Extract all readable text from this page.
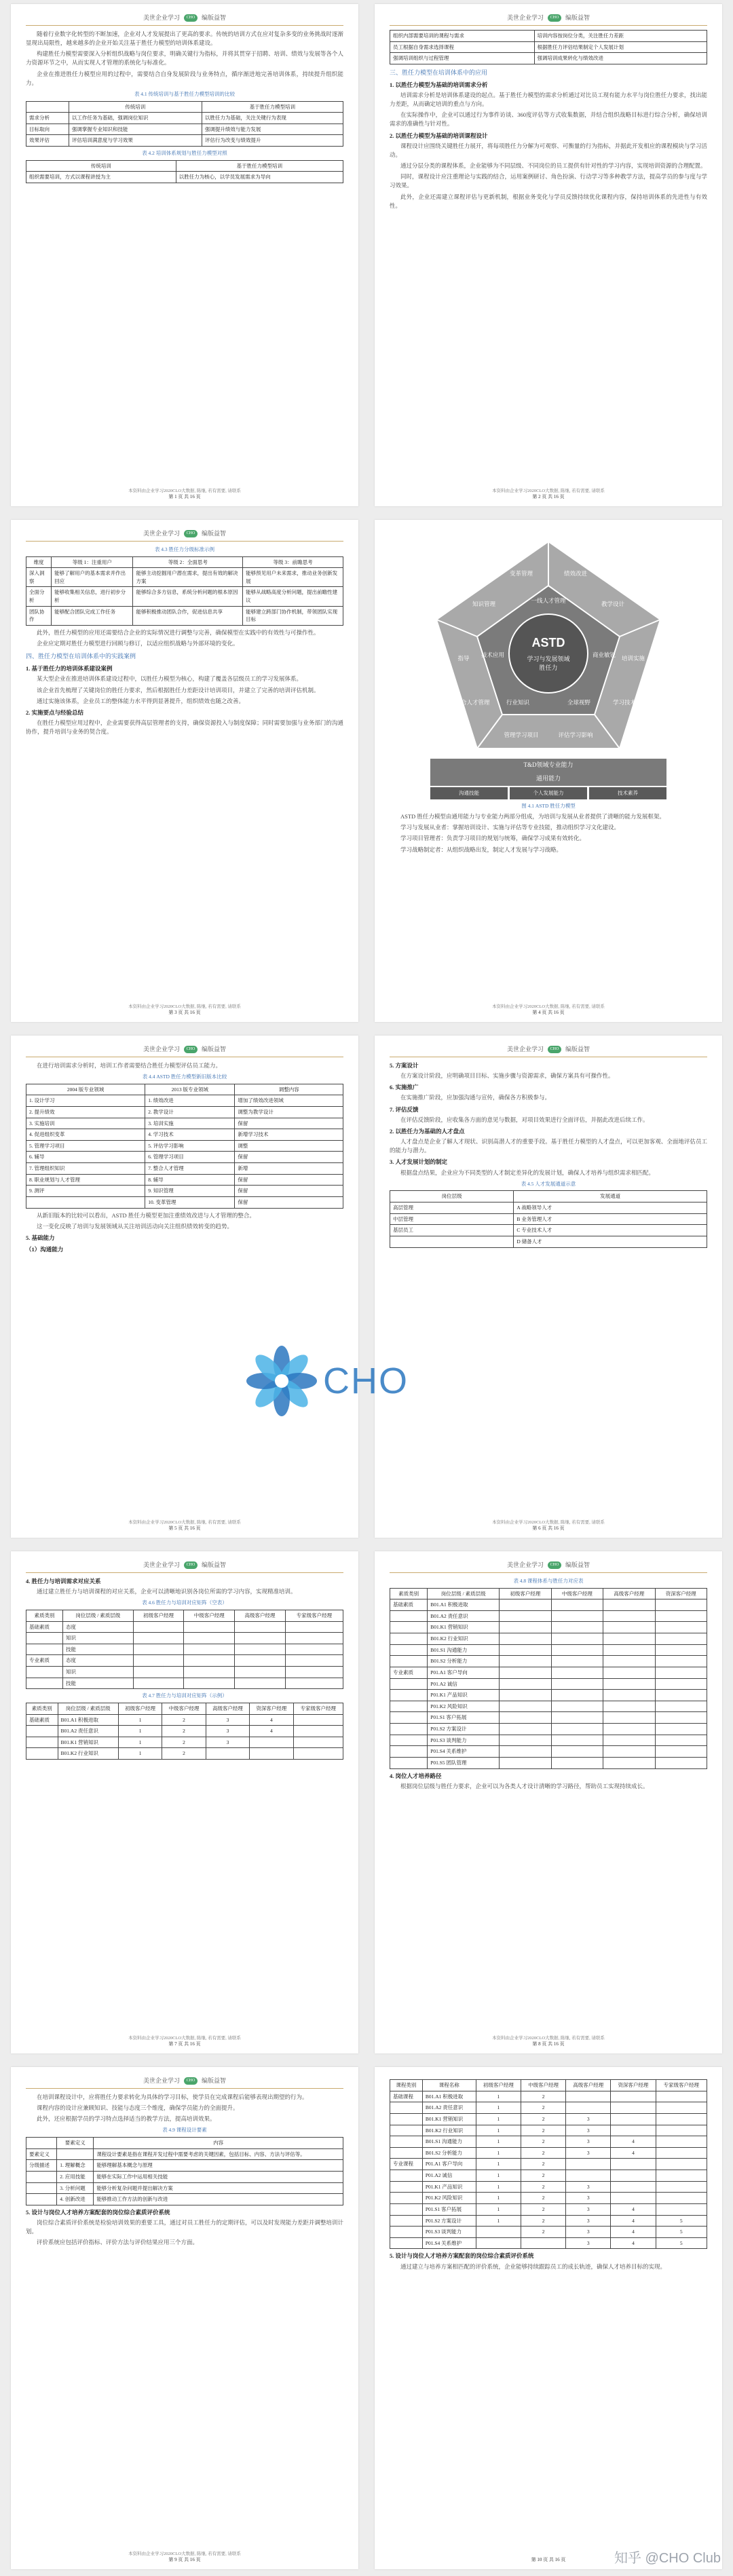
美世企业学习	CHO	编版益智

随着行业数字化转型的不断加速，企业对人才发展提出了更高的要求。传统的培训方式在应对复杂多变的业务挑战时逐渐显现出局限性，越来越多的企业开始关注基于胜任力模型的培训体系建设。

构建胜任力模型需要深入分析组织战略与岗位要求，明确关键行为指标，并将其贯穿于招聘、培训、绩效与发展等各个人力资源环节之中，从而实现人才管理的系统化与标准化。

企业在推进胜任力模型应用的过程中，需要结合自身发展阶段与业务特点，循序渐进地完善培训体系，持续提升组织能力。

表 4.1 传统培训与基于胜任力模型培训的比较
	传统培训	基于胜任力模型培训
需求分析	以工作任务为基础，强调岗位知识	以胜任力为基础，关注关键行为表现
目标取向	强调掌握专业知识和技能	强调提升绩效与能力发展
效果评估	评估培训满意度与学习效果	评估行为改变与绩效提升
表 4.2 培训体系规划与胜任力模型对照
传统培训	基于胜任力模型培训
组织需要培训，方式以课程讲授为主	以胜任力为核心，以学员发展需求为导向
本资料由企业学习2020CLO大数据, 陈继, 若有需要, 请联系
第 1 页 共 16 页
美世企业学习	CHO	编版益智
组织内部需要培训的课程与需求	培训内容按岗位分类，关注胜任力差距
员工根据自身需求选择课程	根据胜任力评估结果制定个人发展计划
强调培训组织与过程管理	强调培训成果转化与绩效改进
三、胜任力模型在培训体系中的应用
1. 以胜任力模型为基础的培训需求分析

培训需求分析是培训体系建设的起点。基于胜任力模型的需求分析通过对比员工现有能力水平与岗位胜任力要求，找出能力差距，从而确定培训的重点与方向。

在实际操作中，企业可以通过行为事件访谈、360度评估等方式收集数据，并结合组织战略目标进行综合分析，确保培训需求的准确性与针对性。

2. 以胜任力模型为基础的培训课程设计

课程设计应围绕关键胜任力展开，将每项胜任力分解为可观察、可衡量的行为指标，并据此开发相应的课程模块与学习活动。

通过分层分类的课程体系，企业能够为不同层级、不同岗位的员工提供有针对性的学习内容，实现培训资源的合理配置。

同时，课程设计应注重理论与实践的结合，运用案例研讨、角色扮演、行动学习等多种教学方法，提高学员的参与度与学习效果。

此外，企业还需建立课程评估与更新机制，根据业务变化与学员反馈持续优化课程内容，保持培训体系的先进性与有效性。

本资料由企业学习2020CLO大数据, 陈继, 若有需要, 请联系
第 2 页 共 16 页
美世企业学习	CHO	编版益智
表 4.3 胜任力分级标准示例
维度	等级 1：注重用户	等级 2：全面思考	等级 3：前瞻思考
深入洞察	能够了解用户的基本需求并作出回应	能够主动挖掘用户潜在需求，提出有效的解决方案	能够预见用户未来需求，推动业务创新发展
全面分析	能够收集相关信息，进行初步分析	能够综合多方信息，系统分析问题的根本原因	能够从战略高度分析问题，提出前瞻性建议
团队协作	能够配合团队完成工作任务	能够积极推动团队合作，促进信息共享	能够建立跨部门协作机制，带领团队实现目标

此外，胜任力模型的应用还需要结合企业的实际情况进行调整与完善，确保模型在实践中的有效性与可操作性。

企业应定期对胜任力模型进行回顾与修订，以适应组织战略与外部环境的变化。

四、胜任力模型在培训体系中的实践案例
1. 基于胜任力的培训体系建设案例

某大型企业在推进培训体系建设过程中，以胜任力模型为核心，构建了覆盖各层级员工的学习发展体系。

该企业首先梳理了关键岗位的胜任力要求，然后根据胜任力差距设计培训项目，并建立了完善的培训评估机制。

通过实施该体系，企业员工的整体能力水平得到显著提升，组织绩效也随之改善。

2. 实施要点与经验总结

在胜任力模型应用过程中，企业需要获得高层管理者的支持，确保资源投入与制度保障；同时需要加强与业务部门的沟通协作，提升培训与业务的契合度。

本资料由企业学习2020CLO大数据, 陈继, 若有需要, 请联系
第 3 页 共 16 页
ASTD
学习与发展领域
胜任力
变革管理	绩效改进
教学设计
培训实施
学习技术
评估学习影响
管理学习项目
整合人才管理
指导
知识管理	一线人才管理
商业敏锐
全球视野
行业知识
技术应用
T&D领域专业能力
通用能力
沟通技能	个人发展能力	技术素养
图 4.1 ASTD 胜任力模型

ASTD 胜任力模型由通用能力与专业能力两部分组成，为培训与发展从业者提供了清晰的能力发展框架。

学习与发展从业者：掌握培训设计、实施与评估等专业技能，推动组织学习文化建设。

学习项目管理者：负责学习项目的规划与统筹，确保学习成果有效转化。

学习战略制定者：从组织战略出发，制定人才发展与学习战略。

本资料由企业学习2020CLO大数据, 陈继, 若有需要, 请联系
第 4 页 共 16 页
美世企业学习	CHO	编版益智

在进行培训需求分析时，培训工作者需要结合胜任力模型评估员工能力。

表 4.4 ASTD 胜任力模型新旧版本比较
2004 版专业领域	2013 版专业领域	调整内容
1. 设计学习	1. 绩效改进	增加了绩效改进领域
2. 提升绩效	2. 教学设计	调整为教学设计
3. 实施培训	3. 培训实施	保留
4. 促进组织变革	4. 学习技术	新增学习技术
5. 管理学习项目	5. 评估学习影响	调整
6. 辅导	6. 管理学习项目	保留
7. 管理组织知识	7. 整合人才管理	新增
8. 职业规划与人才管理	8. 辅导	保留
9. 测评	9. 知识管理	保留
	10. 变革管理	保留

从新旧版本的比较可以看出，ASTD 胜任力模型更加注重绩效改进与人才管理的整合。

这一变化反映了培训与发展领域从关注培训活动向关注组织绩效转变的趋势。

5. 基础能力
（1）沟通能力
本资料由企业学习2020CLO大数据, 陈继, 若有需要, 请联系
第 5 页 共 16 页
美世企业学习	CHO	编版益智
5. 方案设计

在方案设计阶段，应明确项目目标、实施步骤与资源需求，确保方案具有可操作性。

6. 实施推广

在实施推广阶段，应加强沟通与宣传，确保各方积极参与。

7. 评估反馈

在评估反馈阶段，应收集各方面的意见与数据，对项目效果进行全面评估，并据此改进后续工作。

2. 以胜任力为基础的人才盘点

人才盘点是企业了解人才现状、识别高潜人才的重要手段。基于胜任力模型的人才盘点，可以更加客观、全面地评估员工的能力与潜力。

3. 人才发展计划的制定

根据盘点结果，企业应为不同类型的人才制定差异化的发展计划，确保人才培养与组织需求相匹配。

表 4.5 人才发展通道示意
岗位层级	发展通道
高层管理	A 战略领导人才
中层管理	B 业务管理人才
基层员工	C 专业技术人才
	D 储备人才
本资料由企业学习2020CLO大数据, 陈继, 若有需要, 请联系
第 6 页 共 16 页
美世企业学习	CHO	编版益智
4. 胜任力与培训需求对应关系

通过建立胜任力与培训课程的对应关系，企业可以清晰地识别各岗位所需的学习内容，实现精准培训。

表 4.6 胜任力与培训对应矩阵（空表）
素质类别	岗位层级 / 素质层级	初级客户经理	中级客户经理	高级客户经理	专家级客户经理
基础素质	态度				
	知识				
	技能				
专业素质	态度				
	知识				
	技能				
表 4.7 胜任力与培训对应矩阵（示例）
素质类别	岗位层级 / 素质层级	初级客户经理	中级客户经理	高级客户经理	资深客户经理	专家级客户经理
基础素质	B01.A1 积极进取	1	2	3	4	
	B01.A2 责任意识	1	2	3	4	
	B01.K1 营销知识	1	2	3		
	B01.K2 行业知识	1	2			
本资料由企业学习2020CLO大数据, 陈继, 若有需要, 请联系
第 7 页 共 16 页
美世企业学习	CHO	编版益智
表 4.8 课程体系与胜任力对应表
素质类别	岗位层级 / 素质层级	初级客户经理	中级客户经理	高级客户经理	资深客户经理
基础素质	B01.A1 积极进取				
	B01.A2 责任意识				
	B01.K1 营销知识				
	B01.K2 行业知识				
	B01.S1 沟通能力				
	B01.S2 分析能力				
专业素质	P01.A1 客户导向				
	P01.A2 诚信				
	P01.K1 产品知识				
	P01.K2 风险知识				
	P01.S1 客户拓展				
	P01.S2 方案设计				
	P01.S3 谈判能力				
	P01.S4 关系维护				
	P01.S5 团队管理				
4. 岗位人才培养路径

根据岗位层级与胜任力要求，企业可以为各类人才设计清晰的学习路径，帮助员工实现持续成长。

本资料由企业学习2020CLO大数据, 陈继, 若有需要, 请联系
第 8 页 共 16 页
美世企业学习	CHO	编版益智

在培训课程设计中，应将胜任力要求转化为具体的学习目标，使学员在完成课程后能够表现出期望的行为。

课程内容的设计应兼顾知识、技能与态度三个维度，确保学员能力的全面提升。

此外，还应根据学员的学习特点选择适当的教学方法，提高培训效果。

表 4.9 课程设计要素
	要素定义	内容
要素定义		课程设计要素是指在课程开发过程中需要考虑的关键因素，包括目标、内容、方法与评估等。
分级描述	1. 理解概念	能够理解基本概念与原理
	2. 应用技能	能够在实际工作中运用相关技能
	3. 分析问题	能够分析复杂问题并提出解决方案
	4. 创新改进	能够推动工作方法的创新与改进
5. 设计与岗位人才培养方案配套的岗位综合素质评价系统

岗位综合素质评价系统是检验培训效果的重要工具，通过对员工胜任力的定期评估，可以及时发现能力差距并调整培训计划。

评价系统应包括评价指标、评价方法与评价结果应用三个方面。

本资料由企业学习2020CLO大数据, 陈继, 若有需要, 请联系
第 9 页 共 16 页
课程类别	课程名称	初级客户经理	中级客户经理	高级客户经理	资深客户经理	专家级客户经理
基础课程	B01.A1 积极进取	1	2			
	B01.A2 责任意识	1	2			
	B01.K1 营销知识	1	2	3		
	B01.K2 行业知识	1	2	3		
	B01.S1 沟通能力	1	2	3	4	
	B01.S2 分析能力	1	2	3	4	
专业课程	P01.A1 客户导向	1	2			
	P01.A2 诚信	1	2			
	P01.K1 产品知识	1	2	3		
	P01.K2 风险知识	1	2	3		
	P01.S1 客户拓展	1	2	3	4	
	P01.S2 方案设计	1	2	3	4	5
	P01.S3 谈判能力		2	3	4	5
	P01.S4 关系维护			3	4	5
5. 设计与岗位人才培养方案配套的岗位综合素质评价系统

通过建立与培养方案相匹配的评价系统，企业能够持续跟踪员工的成长轨迹，确保人才培养目标的实现。

第 10 页 共 16 页
CHO
知乎 @CHO Club
